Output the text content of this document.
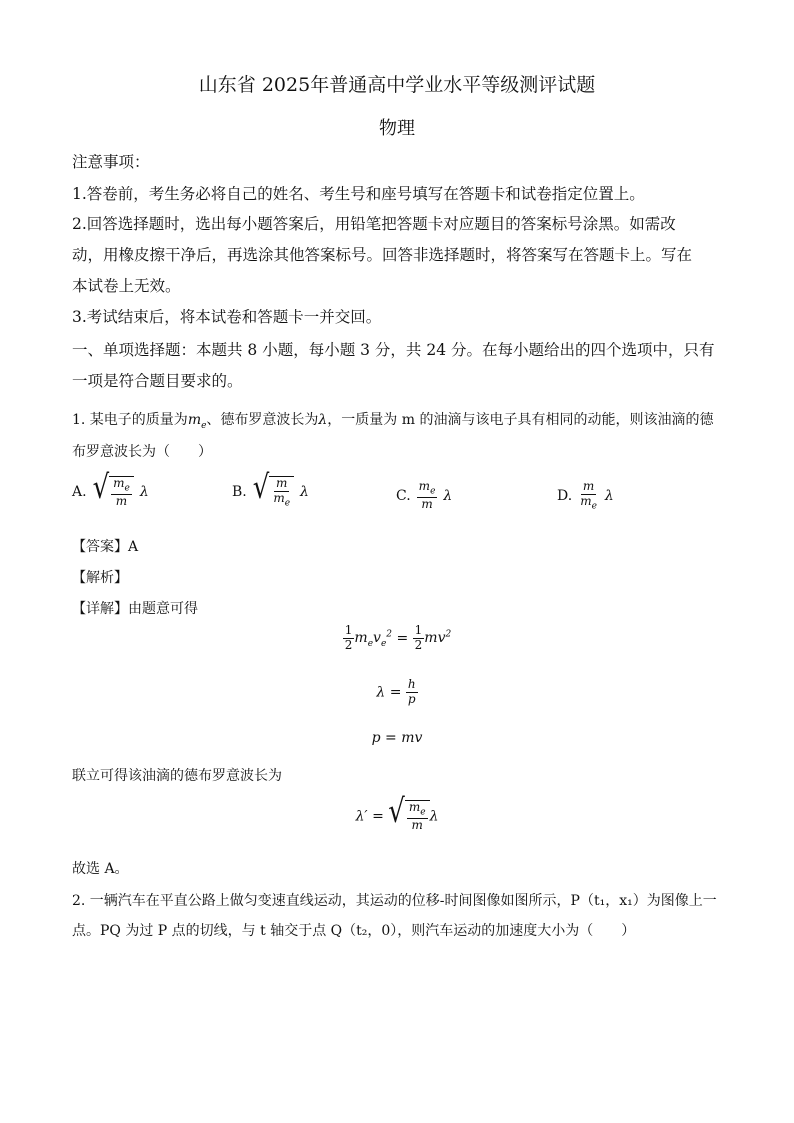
山东省 2025年普通高中学业水平等级测评试题
物理
注意事项：
1.答卷前，考生务必将自己的姓名、考生号和座号填写在答题卡和试卷指定位置上。
2.回答选择题时，选出每小题答案后，用铅笔把答题卡对应题目的答案标号涂黑。如需改
动，用橡皮擦干净后，再选涂其他答案标号。回答非选择题时，将答案写在答题卡上。写在
本试卷上无效。
3.考试结束后，将本试卷和答题卡一并交回。
一、单项选择题：本题共 8 小题，每小题 3 分，共 24 分。在每小题给出的四个选项中，只有
一项是符合题目要求的。
1. 某电子的质量为$m_e$、德布罗意波长为λ，一质量为 m 的油滴与该电子具有相同的动能，则该油滴的德
布罗意波长为（　　）
A. √ $\frac{m_e}{m}$ λ	B. √ $\frac{m}{m_e}$ λ	C. $\frac{m_e}{m}$ λ	D. $\frac{m}{m_e}$ λ
【答案】A
【解析】
【详解】由题意可得
$\frac{1}{2} m_ev_e^2 = \frac{1}{2} mv^2$
$\lambda = \frac{h}{p}$
p = mv
联立可得该油滴的德布罗意波长为
λ′ = √ $\frac{m_e}{m}$ λ
故选 A。
2. 一辆汽车在平直公路上做匀变速直线运动，其运动的位移-时间图像如图所示，P（t₁，x₁）为图像上一
点。PQ 为过 P 点的切线，与 t 轴交于点 Q（t₂，0），则汽车运动的加速度大小为（　　）
